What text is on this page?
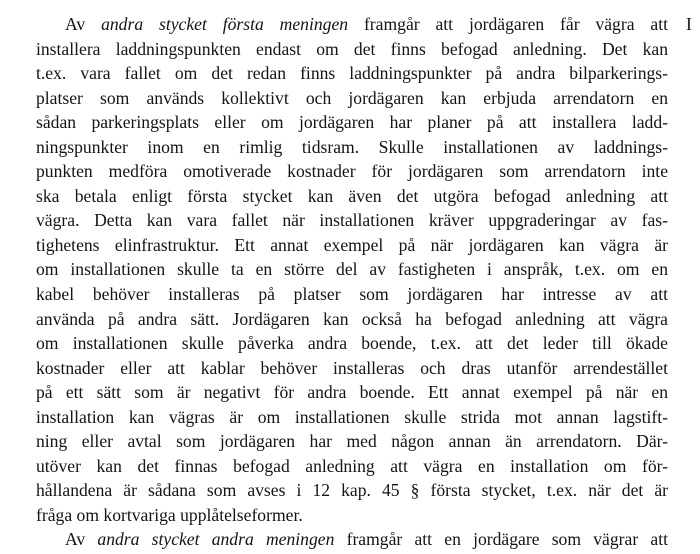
Av andra stycket första meningen framgår att jordägaren får vägra att
installera laddningspunkten endast om det finns befogad anledning. Det kan
t.ex. vara fallet om det redan finns laddningspunkter på andra bilparkerings-
platser som används kollektivt och jordägaren kan erbjuda arrendatorn en
sådan parkeringsplats eller om jordägaren har planer på att installera ladd-
ningspunkter inom en rimlig tidsram. Skulle installationen av laddnings-
punkten medföra omotiverade kostnader för jordägaren som arrendatorn inte
ska betala enligt första stycket kan även det utgöra befogad anledning att
vägra. Detta kan vara fallet när installationen kräver uppgraderingar av fas-
tighetens elinfrastruktur. Ett annat exempel på när jordägaren kan vägra är
om installationen skulle ta en större del av fastigheten i anspråk, t.ex. om en
kabel behöver installeras på platser som jordägaren har intresse av att
använda på andra sätt. Jordägaren kan också ha befogad anledning att vägra
om installationen skulle påverka andra boende, t.ex. att det leder till ökade
kostnader eller att kablar behöver installeras och dras utanför arrendestället
på ett sätt som är negativt för andra boende. Ett annat exempel på när en
installation kan vägras är om installationen skulle strida mot annan lagstift-
ning eller avtal som jordägaren har med någon annan än arrendatorn. Där-
utöver kan det finnas befogad anledning att vägra en installation om för-
hållandena är sådana som avses i 12 kap. 45 § första stycket, t.ex. när det är
fråga om kortvariga upplåtelseformer.
Av andra stycket andra meningen framgår att en jordägare som vägrar att
I
